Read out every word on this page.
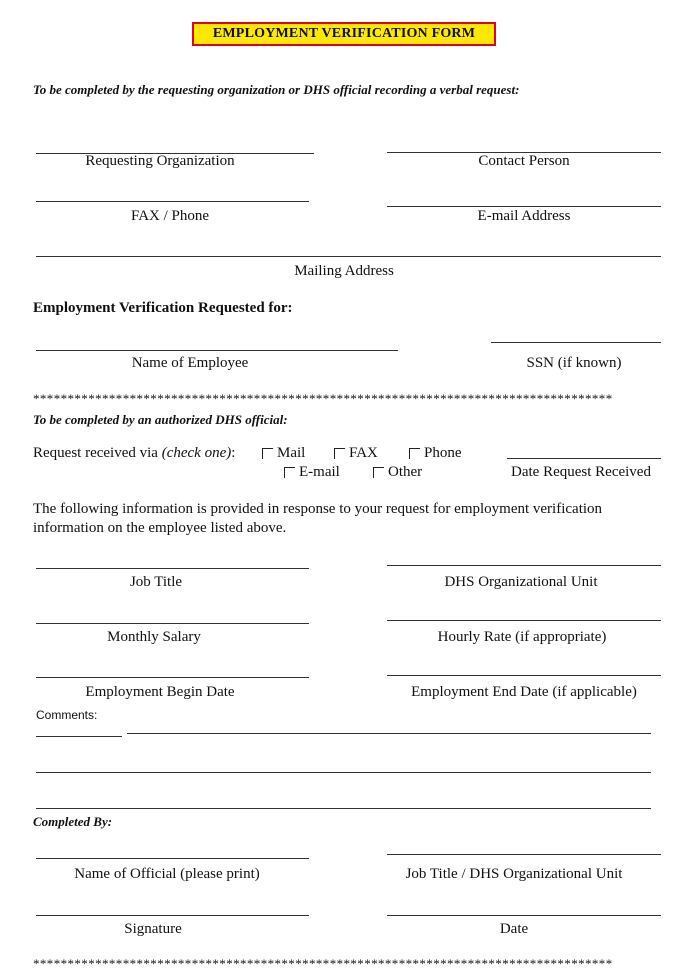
EMPLOYMENT VERIFICATION FORM
To be completed by the requesting organization or DHS official recording a verbal request:
Requesting Organization	Contact Person
FAX / Phone	E-mail Address
Mailing Address
Employment Verification Requested for:
Name of Employee	SSN (if known)
************************************************************************************
To be completed by an authorized DHS official:
Request received via (check one):	Mail	FAX	Phone
E-mail	Other	Date Request Received
The following information is provided in response to your request for employment verification information on the employee listed above.
Job Title	DHS Organizational Unit
Monthly Salary	Hourly Rate (if appropriate)
Employment Begin Date	Employment End Date (if applicable)
Comments:
Completed By:
Name of Official (please print)	Job Title / DHS Organizational Unit
Signature	Date
************************************************************************************
